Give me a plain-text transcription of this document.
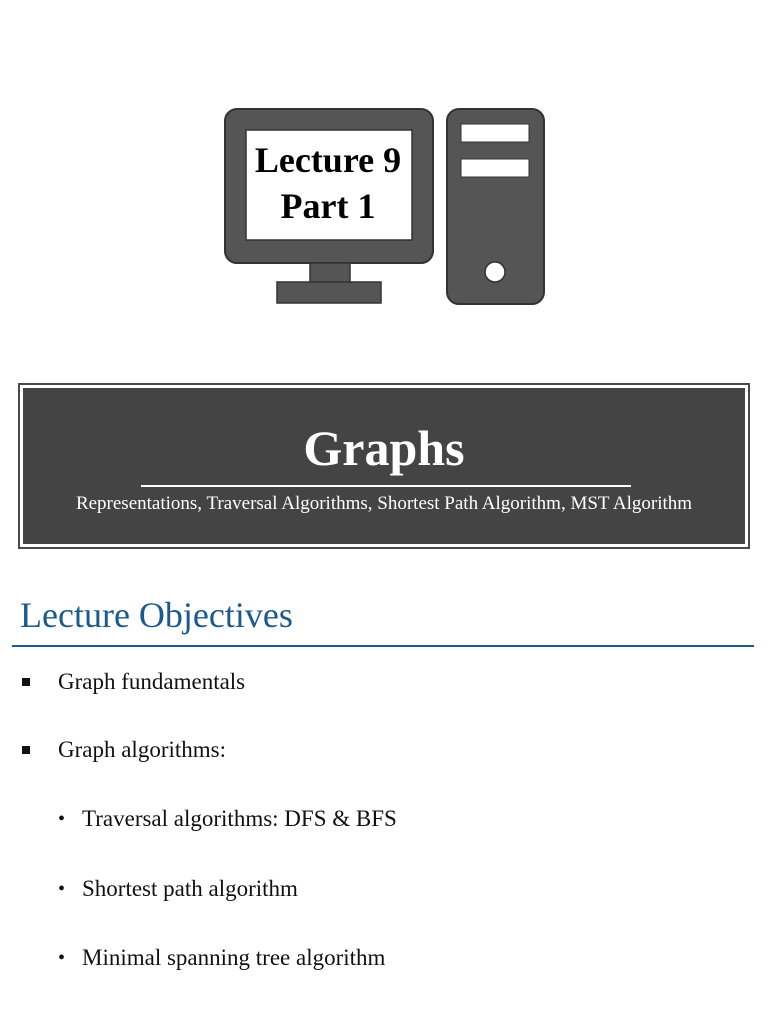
Lecture 9
Part 1
Graphs
Representations, Traversal Algorithms, Shortest Path Algorithm, MST Algorithm
Lecture Objectives
Graph fundamentals
Graph algorithms:
• Traversal algorithms: DFS & BFS
• Shortest path algorithm
• Minimal spanning tree algorithm
